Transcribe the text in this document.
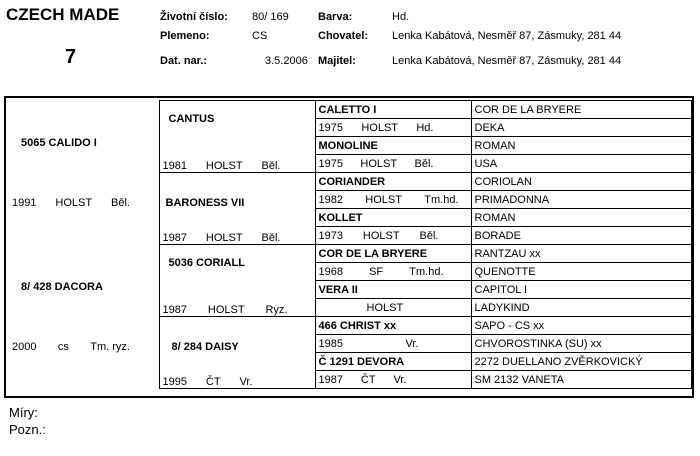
CZECH MADE
7
Životní číslo: 80/ 169	Barva:	Hd.
Plemeno:	CS	Chovatel: Lenka Kabátová, Nesměř 87, Zásmuky, 281 44
Dat. nar.:	3.5.2006 Majitel:	Lenka Kabátová, Nesměř 87, Zásmuky, 281 44
	CANTUS	CALETTO I	COR DE LA BRYERE

		1975 HOLST Hd.	DEKA
5065 CALIDO I	1981 HOLST Běl.	MONOLINE	ROMAN

		1975 HOLST Běl.	USA

1991 HOLST Běl.	BARONESS VII	CORIANDER	CORIOLAN

		1982 HOLST Tm.hd.	PRIMADONNA

	1987 HOLST Běl.	KOLLET	ROMAN

		1973 HOLST Běl.	BORADE
	5036 CORIALL	COR DE LA BRYERE	RANTZAU xx

		1968 SF Tm.hd.	QUENOTTE
8/ 428 DACORA	1987 HOLST Ryz.	VERA II	CAPITOL I

		HOLST	LADYKIND

2000 cs Tm. ryz.	8/ 284 DAISY	466 CHRIST xx	SAPO - CS xx

		1985 Vr.	CHVOROSTINKA (SU) xx

	1995 ČT Vr.	Č 1291 DEVORA	2272 DUELLANO ZVĚRKOVICKÝ

		1987 ČT Vr.	SM 2132 VANETA
Míry:
Pozn.:
